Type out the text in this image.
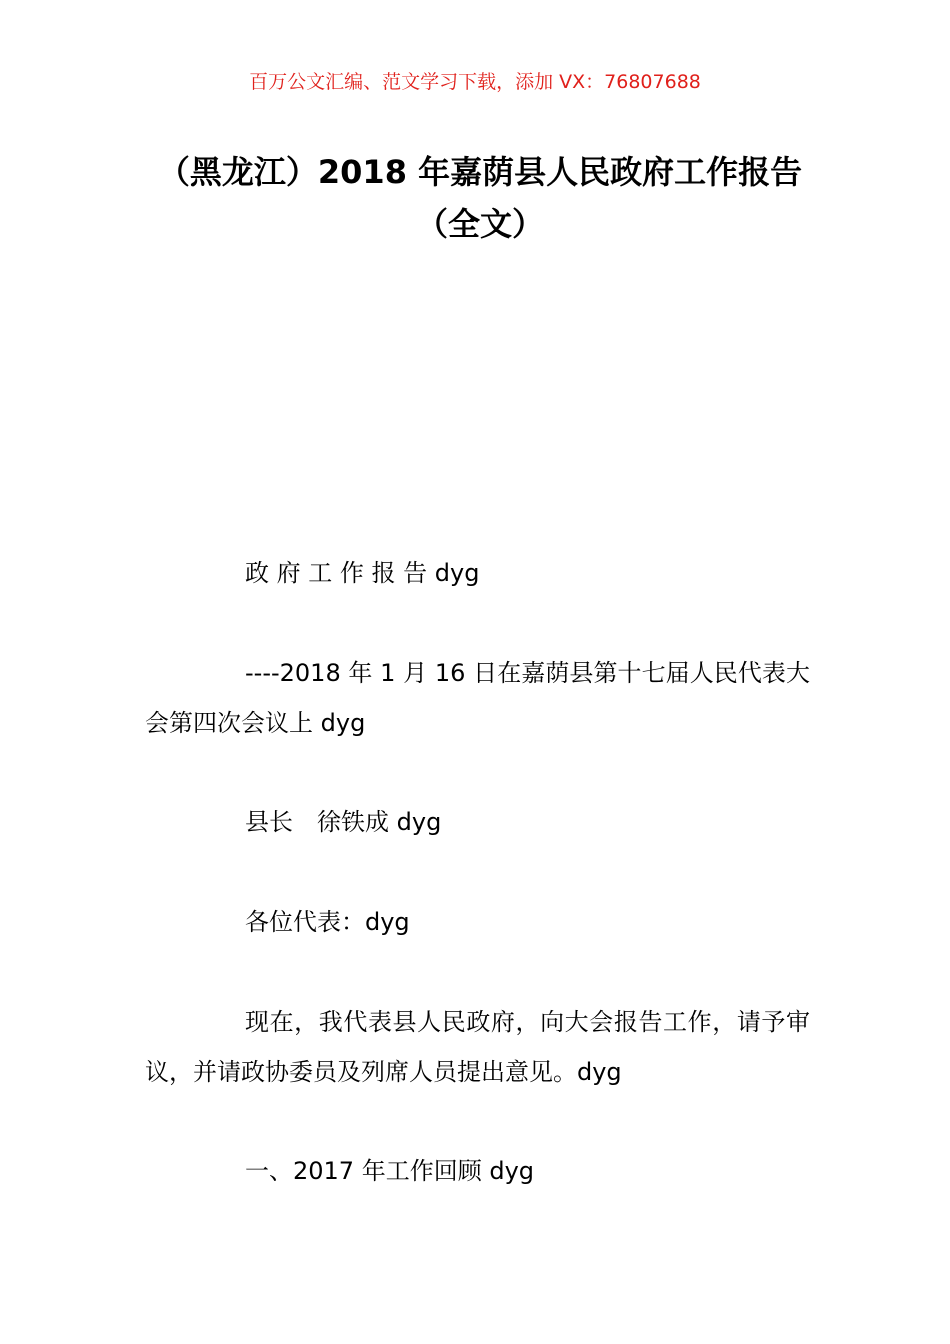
百万公文汇编、范文学习下载，添加 VX：76807688
（黑龙江）2018 年嘉荫县人民政府工作报告（全文）

政 府 工 作 报 告 dyg

----2018 年 1 月 16 日在嘉荫县第十七届人民代表大会第四次会议上 dyg

县长　徐铁成 dyg

各位代表：dyg

现在，我代表县人民政府，向大会报告工作，请予审议，并请政协委员及列席人员提出意见。dyg

一、2017 年工作回顾 dyg
